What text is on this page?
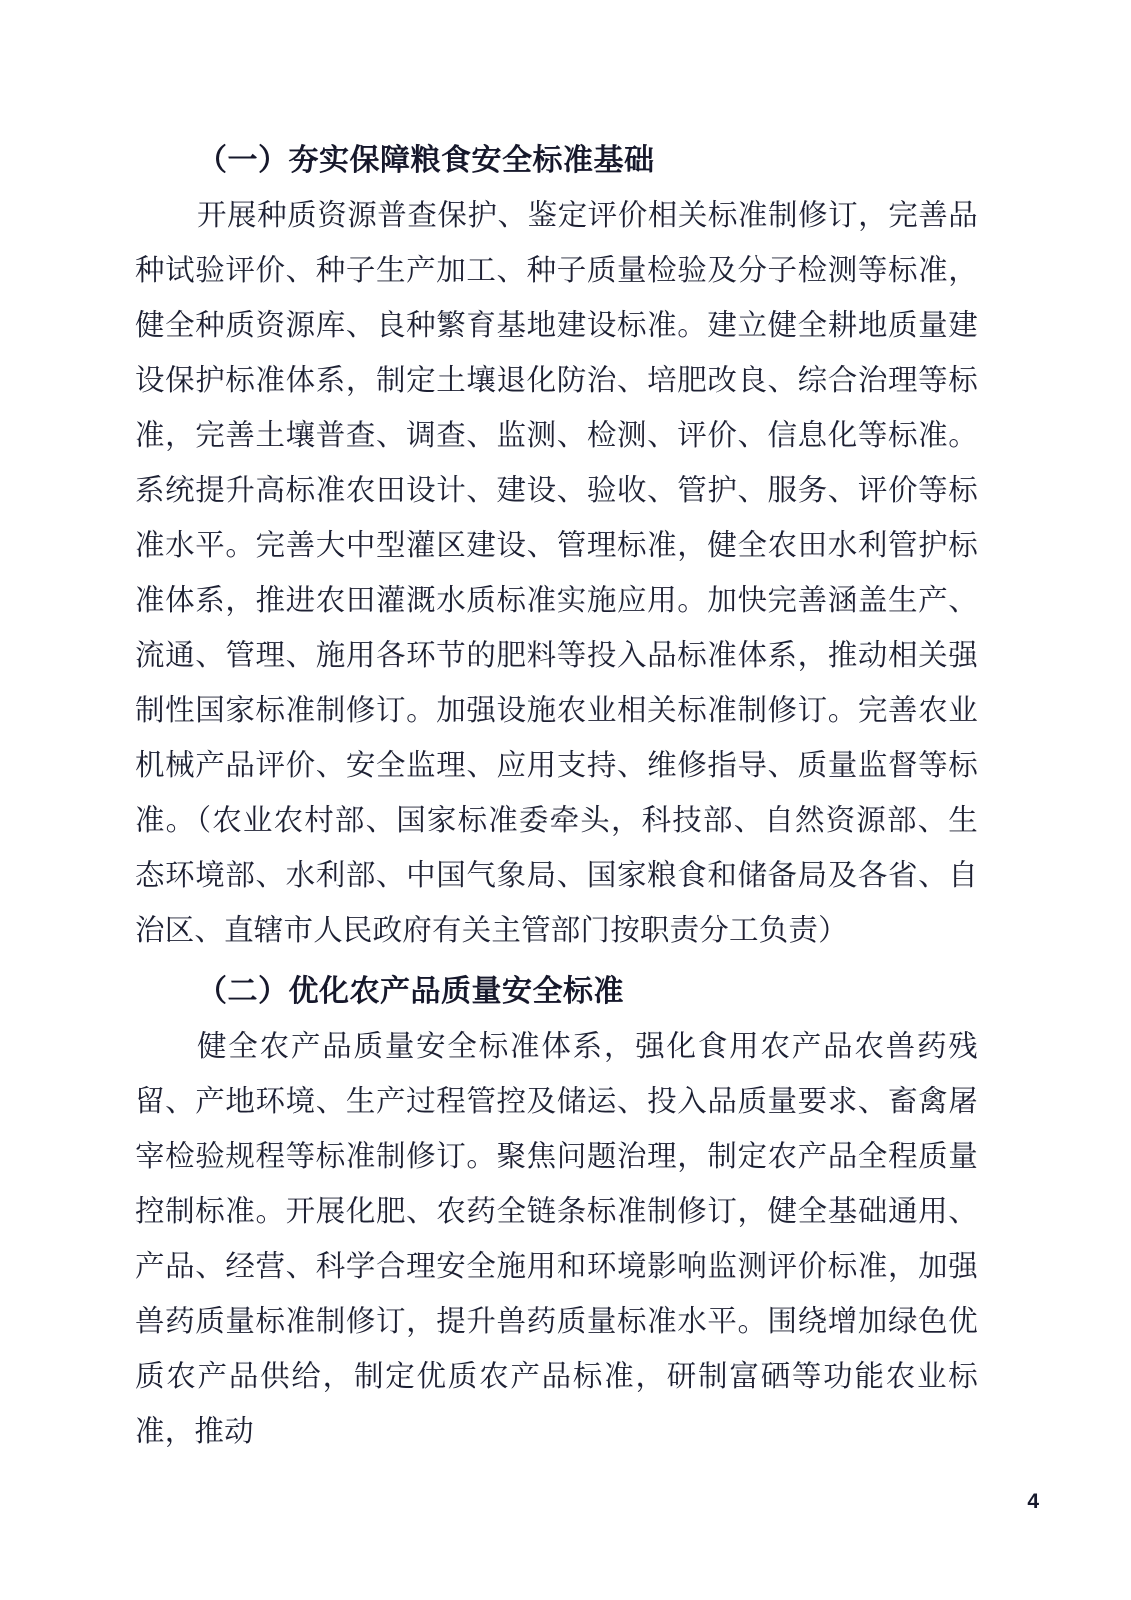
（一）夯实保障粮食安全标准基础

开展种质资源普查保护、鉴定评价相关标准制修订，完善品种试验评价、种子生产加工、种子质量检验及分子检测等标准，健全种质资源库、良种繁育基地建设标准。建立健全耕地质量建设保护标准体系，制定土壤退化防治、培肥改良、综合治理等标准，完善土壤普查、调查、监测、检测、评价、信息化等标准。系统提升高标准农田设计、建设、验收、管护、服务、评价等标准水平。完善大中型灌区建设、管理标准，健全农田水利管护标准体系，推进农田灌溉水质标准实施应用。加快完善涵盖生产、流通、管理、施用各环节的肥料等投入品标准体系，推动相关强制性国家标准制修订。加强设施农业相关标准制修订。完善农业机械产品评价、安全监理、应用支持、维修指导、质量监督等标准。（农业农村部、国家标准委牵头，科技部、自然资源部、生态环境部、水利部、中国气象局、国家粮食和储备局及各省、自治区、直辖市人民政府有关主管部门按职责分工负责）

（二）优化农产品质量安全标准

健全农产品质量安全标准体系，强化食用农产品农兽药残留、产地环境、生产过程管控及储运、投入品质量要求、畜禽屠宰检验规程等标准制修订。聚焦问题治理，制定农产品全程质量控制标准。开展化肥、农药全链条标准制修订，健全基础通用、产品、经营、科学合理安全施用和环境影响监测评价标准，加强兽药质量标准制修订，提升兽药质量标准水平。围绕增加绿色优质农产品供给，制定优质农产品标准，研制富硒等功能农业标准，推动

4
